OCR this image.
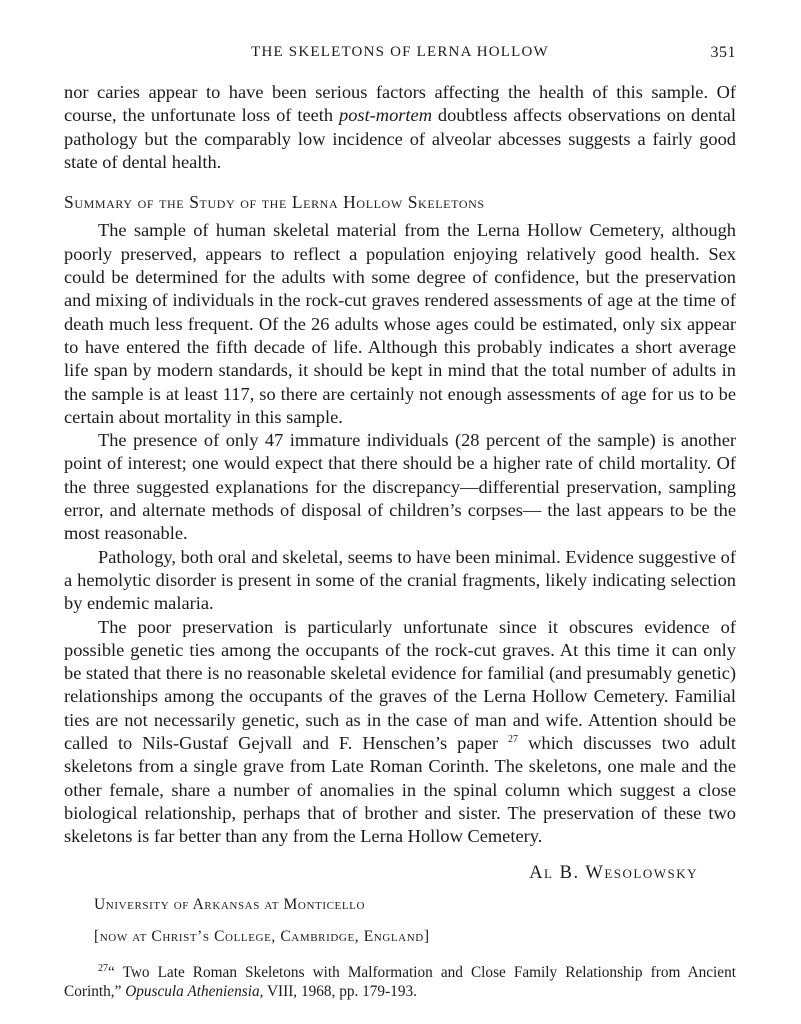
THE SKELETONS OF LERNA HOLLOW	351

nor caries appear to have been serious factors affecting the health of this sample. Of course, the unfortunate loss of teeth post-mortem doubtless affects observations on dental pathology but the comparably low incidence of alveolar abcesses suggests a fairly good state of dental health.

Summary of the Study of the Lerna Hollow Skeletons

The sample of human skeletal material from the Lerna Hollow Cemetery, although poorly preserved, appears to reflect a population enjoying relatively good health. Sex could be determined for the adults with some degree of confidence, but the preservation and mixing of individuals in the rock-cut graves rendered assessments of age at the time of death much less frequent. Of the 26 adults whose ages could be estimated, only six appear to have entered the fifth decade of life. Although this probably indicates a short average life span by modern standards, it should be kept in mind that the total number of adults in the sample is at least 117, so there are certainly not enough assessments of age for us to be certain about mortality in this sample.

The presence of only 47 immature individuals (28 percent of the sample) is another point of interest; one would expect that there should be a higher rate of child mortality. Of the three suggested explanations for the discrepancy—differential preservation, sampling error, and alternate methods of disposal of children’s corpses— the last appears to be the most reasonable.

Pathology, both oral and skeletal, seems to have been minimal. Evidence suggestive of a hemolytic disorder is present in some of the cranial fragments, likely indicating selection by endemic malaria.

The poor preservation is particularly unfortunate since it obscures evidence of possible genetic ties among the occupants of the rock-cut graves. At this time it can only be stated that there is no reasonable skeletal evidence for familial (and presumably genetic) relationships among the occupants of the graves of the Lerna Hollow Cemetery. Familial ties are not necessarily genetic, such as in the case of man and wife. Attention should be called to Nils-Gustaf Gejvall and F. Henschen’s paper $^{27}$ which discusses two adult skeletons from a single grave from Late Roman Corinth. The skeletons, one male and the other female, share a number of anomalies in the spinal column which suggest a close biological relationship, perhaps that of brother and sister. The preservation of these two skeletons is far better than any from the Lerna Hollow Cemetery.

Al B. Wesolowsky
University of Arkansas at Monticello
[now at Christ’s College, Cambridge, England]
$^{27}$“ Two Late Roman Skeletons with Malformation and Close Family Relationship from Ancient Corinth,” Opuscula Atheniensia, VIII, 1968, pp. 179-193.
